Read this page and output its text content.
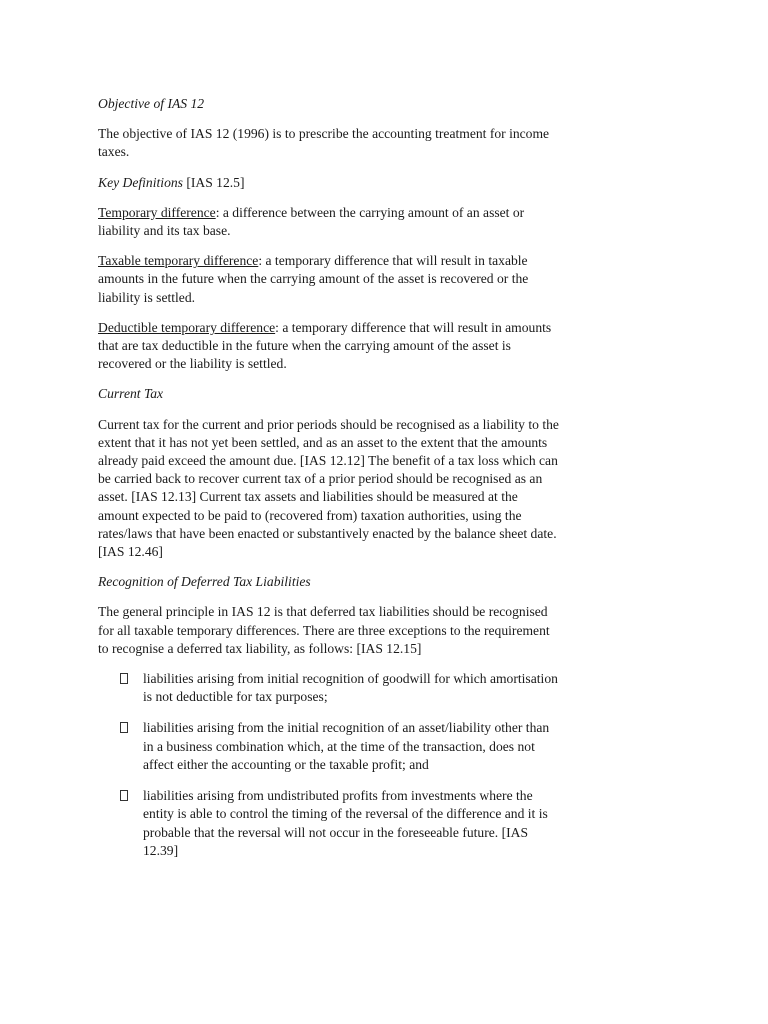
Objective of IAS 12

The objective of IAS 12 (1996) is to prescribe the accounting treatment for income taxes.

Key Definitions [IAS 12.5]

Temporary difference: a difference between the carrying amount of an asset or liability and its tax base.

Taxable temporary difference: a temporary difference that will result in taxable amounts in the future when the carrying amount of the asset is recovered or the liability is settled.

Deductible temporary difference: a temporary difference that will result in amounts that are tax deductible in the future when the carrying amount of the asset is recovered or the liability is settled.

Current Tax

Current tax for the current and prior periods should be recognised as a liability to the extent that it has not yet been settled, and as an asset to the extent that the amounts already paid exceed the amount due. [IAS 12.12] The benefit of a tax loss which can be carried back to recover current tax of a prior period should be recognised as an asset. [IAS 12.13] Current tax assets and liabilities should be measured at the amount expected to be paid to (recovered from) taxation authorities, using the rates/laws that have been enacted or substantively enacted by the balance sheet date. [IAS 12.46]

Recognition of Deferred Tax Liabilities

The general principle in IAS 12 is that deferred tax liabilities should be recognised for all taxable temporary differences. There are three exceptions to the requirement to recognise a deferred tax liability, as follows: [IAS 12.15]

liabilities arising from initial recognition of goodwill for which amortisation is not deductible for tax purposes;
liabilities arising from the initial recognition of an asset/liability other than in a business combination which, at the time of the transaction, does not affect either the accounting or the taxable profit; and
liabilities arising from undistributed profits from investments where the entity is able to control the timing of the reversal of the difference and it is probable that the reversal will not occur in the foreseeable future. [IAS 12.39]
